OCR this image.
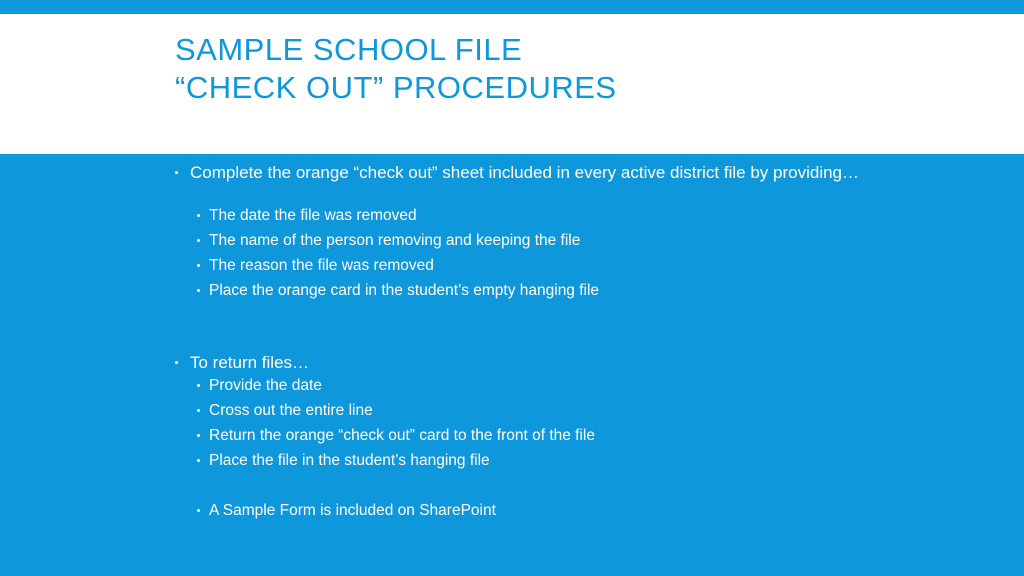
SAMPLE SCHOOL FILE
“CHECK OUT” PROCEDURES
Complete the orange “check out” sheet included in every active district file by providing…
The date the file was removed
The name of the person removing and keeping the file
The reason the file was removed
Place the orange card in the student’s empty hanging file
To return files…
Provide the date
Cross out the entire line
Return the orange “check out” card to the front of the file
Place the file in the student’s hanging file
A Sample Form is included on SharePoint
